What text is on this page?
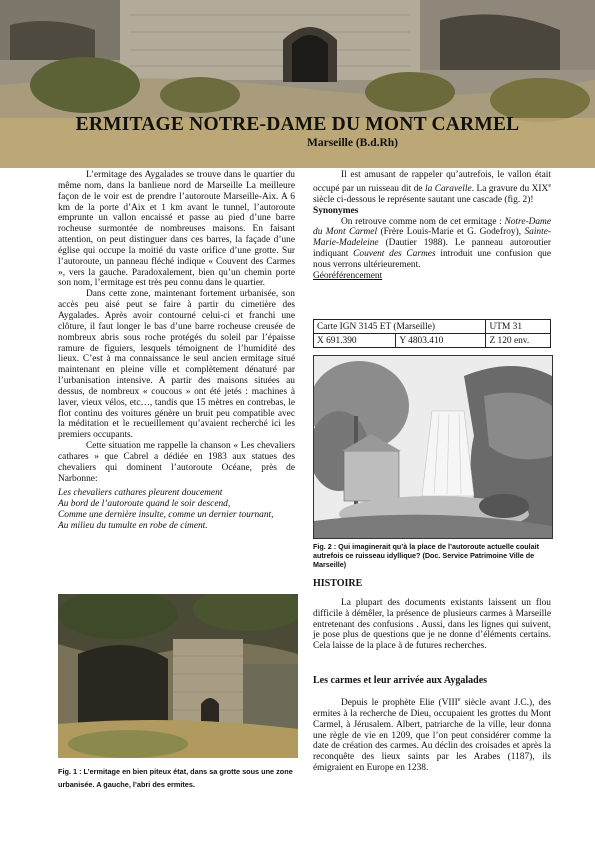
ERMITAGE NOTRE-DAME DU MONT CARMEL
Marseille (B.d.Rh)

L’ermitage des Aygalades se trouve dans le quartier du même nom, dans la banlieue nord de Marseille La meilleure façon de le voir est de prendre l’autoroute Marseille-Aix. A 6 km de la porte d’Aix et 1 km avant le tunnel, l’autoroute emprunte un vallon encaissé et passe au pied d’une barre rocheuse surmontée de nombreuses maisons. En faisant attention, on peut distinguer dans ces barres, la façade d’une église qui occupe la moitié du vaste orifice d’une grotte. Sur l’autoroute, un panneau fléché indique « Couvent des Carmes », vers la gauche. Paradoxalement, bien qu’un chemin porte son nom, l’ermitage est très peu connu dans le quartier.

Dans cette zone, maintenant fortement urbanisée, son accès peu aisé peut se faire à partir du cimetière des Aygalades. Après avoir contourné celui-ci et franchi une clôture, il faut longer le bas d’une barre rocheuse creusée de nombreux abris sous roche protégés du soleil par l’épaisse ramure de figuiers, lesquels témoignent de l’humidité des lieux. C’est à ma connaissance le seul ancien ermitage situé maintenant en pleine ville et complètement dénaturé par l’urbanisation intensive. A partir des maisons situées au dessus, de nombreux « coucous » ont été jetés : machines à laver, vieux vélos, etc…, tandis que 15 mètres en contrebas, le flot continu des voitures génère un bruit peu compatible avec la méditation et le recueillement qu’avaient recherché ici les premiers occupants.

Cette situation me rappelle la chanson « Les chevaliers cathares » que Cabrel a dédiée en 1983 aux statues des chevaliers qui dominent l’autoroute Océane, près de Narbonne:

Les chevaliers cathares pleurent doucement
Au bord de l’autoroute quand le soir descend,
Comme une dernière insulte, comme un dernier tournant,
Au milieu du tumulte en robe de ciment.
Fig. 1 : L’ermitage en bien piteux état, dans sa grotte sous une zone urbanisée. A gauche, l’abri des ermites.

Il est amusant de rappeler qu’autrefois, le vallon était occupé par un ruisseau dit de la Caravelle. La gravure du XIXe siècle ci-dessous le représente sautant une cascade (fig. 2)!

Synonymes

On retrouve comme nom de cet ermitage : Notre-Dame du Mont Carmel (Frère Louis-Marie et G. Godefroy), Sainte-Marie-Madeleine (Dautier 1988). Le panneau autoroutier indiquant Couvent des Carmes introduit une confusion que nous verrons ultérieurement.

Géoréférencement

Carte IGN 3145 ET (Marseille)		UTM 31
X 691.390	Y 4803.410	Z 120 env.
Fig. 2 : Qui imaginerait qu’à la place de l’autoroute actuelle coulait autrefois ce ruisseau idyllique? (Doc. Service Patrimoine Ville de Marseille)

HISTOIRE

La plupart des documents existants laissent un flou difficile à démêler, la présence de plusieurs carmes à Marseille entretenant des confusions . Aussi, dans les lignes qui suivent, je pose plus de questions que je ne donne d’éléments certains. Cela laisse de la place à de futures recherches.

Les carmes et leur arrivée aux Aygalades

Depuis le prophète Elie (VIIIe siècle avant J.C.), des ermites à la recherche de Dieu, occupaient les grottes du Mont Carmel, à Jérusalem. Albert, patriarche de la ville, leur donna une règle de vie en 1209, que l’on peut considérer comme la date de création des carmes. Au déclin des croisades et après la reconquête des lieux saints par les Arabes (1187), ils émigraient en Europe en 1238.
